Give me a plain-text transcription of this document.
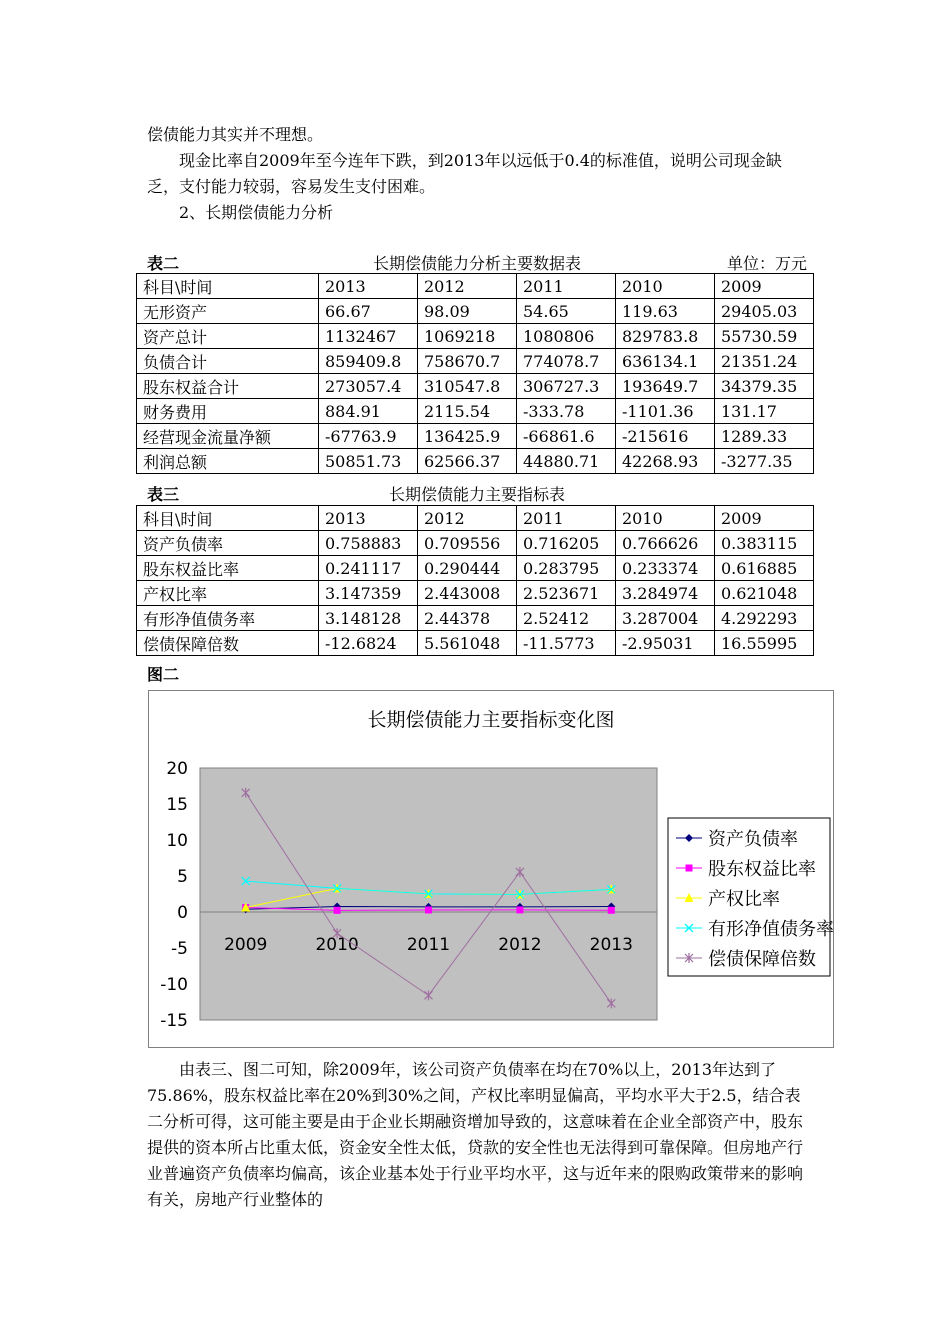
偿债能力其实并不理想。

现金比率自2009年至今连年下跌，到2013年以远低于0.4的标准值，说明公司现金缺乏，支付能力较弱，容易发生支付困难。

2、长期偿债能力分析

表二	长期偿债能力分析主要数据表	单位：万元
科目\时间	2013	2012	2011	2010	2009
无形资产	66.67	98.09	54.65	119.63	29405.03
资产总计	1132467	1069218	1080806	829783.8	55730.59
负债合计	859409.8	758670.7	774078.7	636134.1	21351.24
股东权益合计	273057.4	310547.8	306727.3	193649.7	34379.35
财务费用	884.91	2115.54	-333.78	-1101.36	131.17
经营现金流量净额	-67763.9	136425.9	-66861.6	-215616	1289.33
利润总额	50851.73	62566.37	44880.71	42268.93	-3277.35
表三	长期偿债能力主要指标表
科目\时间	2013	2012	2011	2010	2009
资产负债率	0.758883	0.709556	0.716205	0.766626	0.383115
股东权益比率	0.241117	0.290444	0.283795	0.233374	0.616885
产权比率	3.147359	2.443008	2.523671	3.284974	0.621048
有形净值债务率	3.148128	2.44378	2.52412	3.287004	4.292293
偿债保障倍数	-12.6824	5.561048	-11.5773	-2.95031	16.55995
图二
长期偿债能力主要指标变化图
20
15
10
5
0
-5
-10
-15
2009	2010	2011	2012	2013
资产负债率
股东权益比率
产权比率
有形净值债务率
偿债保障倍数

由表三、图二可知，除2009年，该公司资产负债率在均在70%以上，2013年达到了75.86%，股东权益比率在20%到30%之间，产权比率明显偏高，平均水平大于2.5，结合表二分析可得，这可能主要是由于企业长期融资增加导致的，这意味着在企业全部资产中，股东提供的资本所占比重太低，资金安全性太低，贷款的安全性也无法得到可靠保障。但房地产行业普遍资产负债率均偏高，该企业基本处于行业平均水平，这与近年来的限购政策带来的影响有关，房地产行业整体的
